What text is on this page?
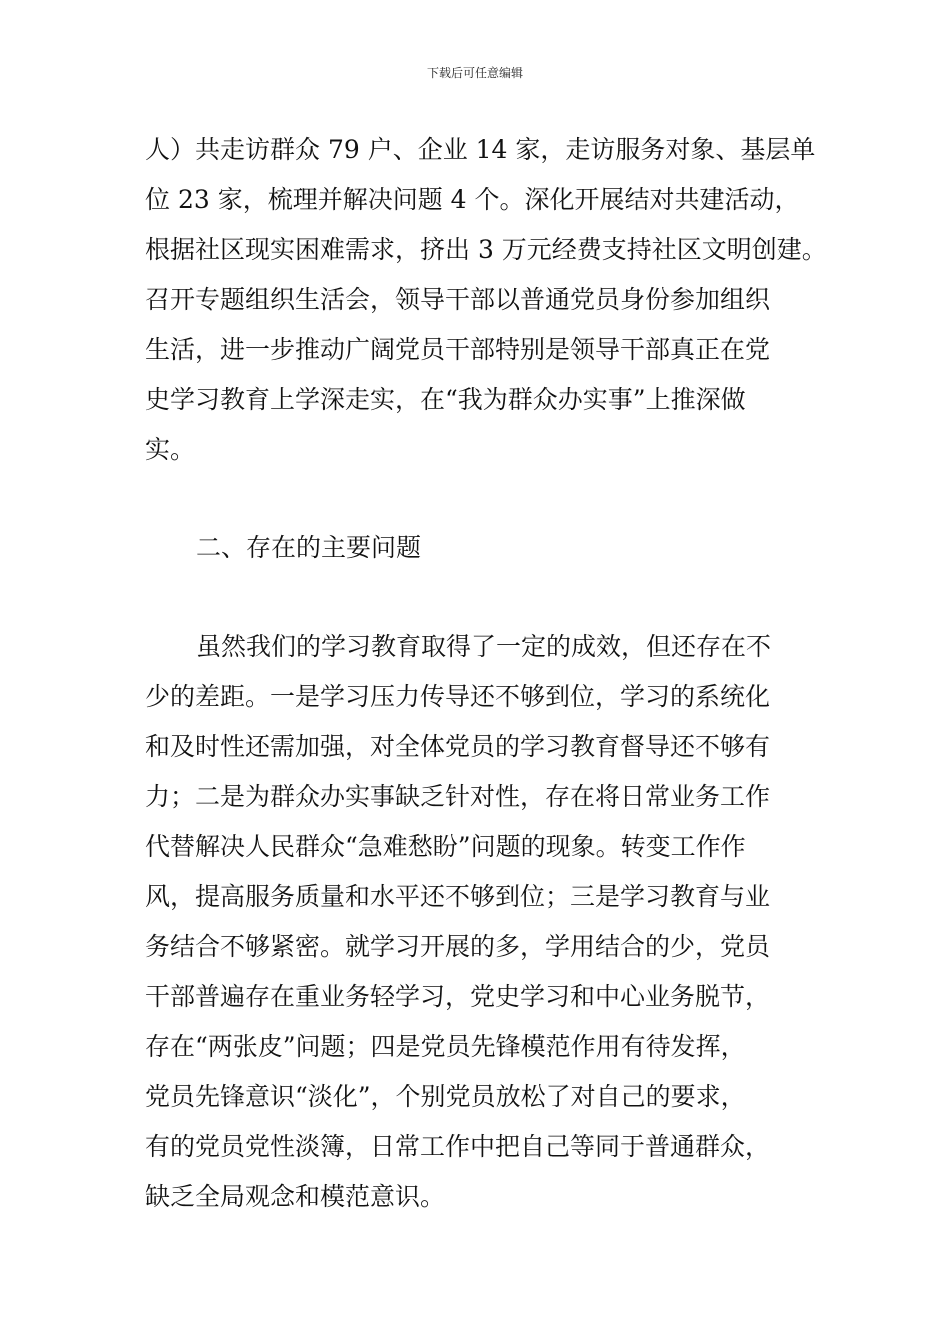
下载后可任意编辑
人）共走访群众 79 户、企业 14 家，走访服务对象、基层单
位 23 家，梳理并解决问题 4 个。深化开展结对共建活动，
根据社区现实困难需求，挤出 3 万元经费支持社区文明创建。
召开专题组织生活会，领导干部以普通党员身份参加组织
生活，进一步推动广阔党员干部特别是领导干部真正在党
史学习教育上学深走实，在“我为群众办实事”上推深做
实。
二、存在的主要问题
虽然我们的学习教育取得了一定的成效，但还存在不
少的差距。一是学习压力传导还不够到位，学习的系统化
和及时性还需加强，对全体党员的学习教育督导还不够有
力；二是为群众办实事缺乏针对性，存在将日常业务工作
代替解决人民群众“急难愁盼”问题的现象。转变工作作
风，提高服务质量和水平还不够到位；三是学习教育与业
务结合不够紧密。就学习开展的多，学用结合的少，党员
干部普遍存在重业务轻学习，党史学习和中心业务脱节，
存在“两张皮”问题；四是党员先锋模范作用有待发挥，
党员先锋意识“淡化”，个别党员放松了对自己的要求，
有的党员党性淡簿，日常工作中把自己等同于普通群众，
缺乏全局观念和模范意识。
